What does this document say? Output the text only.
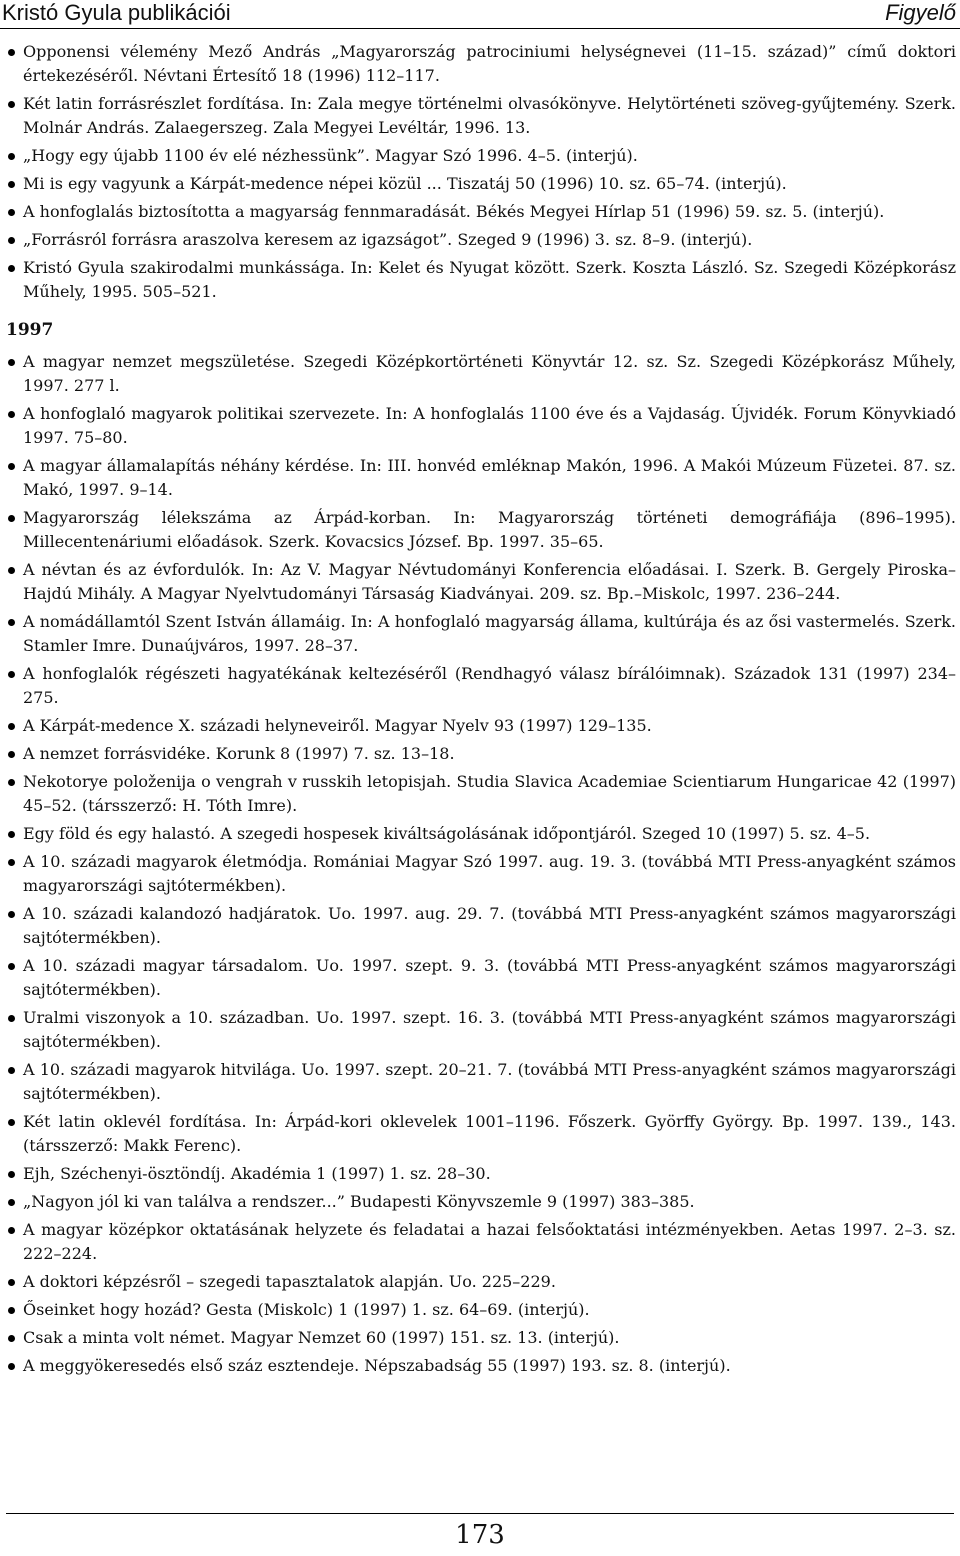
Kristó Gyula publikációi	Figyelő
Opponensi vélemény Mező András „Magyarország patrociniumi helységnevei (11–15. század)” című doktori értekezéséről. Névtani Értesítő 18 (1996) 112–117.
Két latin forrásrészlet fordítása. In: Zala megye történelmi olvasókönyve. Helytörténeti szöveg-gyűjtemény. Szerk. Molnár András. Zalaegerszeg. Zala Megyei Levéltár, 1996. 13.
„Hogy egy újabb 1100 év elé nézhessünk”. Magyar Szó 1996. 4–5. (interjú).
Mi is egy vagyunk a Kárpát-medence népei közül ... Tiszatáj 50 (1996) 10. sz. 65–74. (interjú).
A honfoglalás biztosította a magyarság fennmaradását. Békés Megyei Hírlap 51 (1996) 59. sz. 5. (interjú).
„Forrásról forrásra araszolva keresem az igazságot”. Szeged 9 (1996) 3. sz. 8–9. (interjú).
Kristó Gyula szakirodalmi munkássága. In: Kelet és Nyugat között. Szerk. Koszta László. Sz. Szegedi Középkorász Műhely, 1995. 505–521.
1997
A magyar nemzet megszületése. Szegedi Középkortörténeti Könyvtár 12. sz. Sz. Szegedi Középkorász Műhely, 1997. 277 l.
A honfoglaló magyarok politikai szervezete. In: A honfoglalás 1100 éve és a Vajdaság. Újvidék. Forum Könyvkiadó 1997. 75–80.
A magyar államalapítás néhány kérdése. In: III. honvéd emléknap Makón, 1996. A Makói Múzeum Füzetei. 87. sz. Makó, 1997. 9–14.
Magyarország lélekszáma az Árpád-korban. In: Magyarország történeti demográfiája (896–1995). Millecentenáriumi előadások. Szerk. Kovacsics József. Bp. 1997. 35–65.
A névtan és az évfordulók. In: Az V. Magyar Névtudományi Konferencia előadásai. I. Szerk. B. Gergely Piroska–Hajdú Mihály. A Magyar Nyelvtudományi Társaság Kiadványai. 209. sz. Bp.–Miskolc, 1997. 236–244.
A nomádállamtól Szent István államáig. In: A honfoglaló magyarság állama, kultúrája és az ősi vastermelés. Szerk. Stamler Imre. Dunaújváros, 1997. 28–37.
A honfoglalók régészeti hagyatékának keltezéséről (Rendhagyó válasz bírálóimnak). Századok 131 (1997) 234–275.
A Kárpát-medence X. századi helyneveiről. Magyar Nyelv 93 (1997) 129–135.
A nemzet forrásvidéke. Korunk 8 (1997) 7. sz. 13–18.
Nekotorye položenija o vengrah v russkih letopisjah. Studia Slavica Academiae Scientiarum Hungaricae 42 (1997) 45–52. (társszerző: H. Tóth Imre).
Egy föld és egy halastó. A szegedi hospesek kiváltságolásának időpontjáról. Szeged 10 (1997) 5. sz. 4–5.
A 10. századi magyarok életmódja. Romániai Magyar Szó 1997. aug. 19. 3. (továbbá MTI Press-anyagként számos magyarországi sajtótermékben).
A 10. századi kalandozó hadjáratok. Uo. 1997. aug. 29. 7. (továbbá MTI Press-anyagként számos magyarországi sajtótermékben).
A 10. századi magyar társadalom. Uo. 1997. szept. 9. 3. (továbbá MTI Press-anyagként számos magyarországi sajtótermékben).
Uralmi viszonyok a 10. században. Uo. 1997. szept. 16. 3. (továbbá MTI Press-anyagként számos magyarországi sajtótermékben).
A 10. századi magyarok hitvilága. Uo. 1997. szept. 20–21. 7. (továbbá MTI Press-anyagként számos magyarországi sajtótermékben).
Két latin oklevél fordítása. In: Árpád-kori oklevelek 1001–1196. Főszerk. Györffy György. Bp. 1997. 139., 143. (társszerző: Makk Ferenc).
Ejh, Széchenyi-ösztöndíj. Akadémia 1 (1997) 1. sz. 28–30.
„Nagyon jól ki van találva a rendszer...” Budapesti Könyvszemle 9 (1997) 383–385.
A magyar középkor oktatásának helyzete és feladatai a hazai felsőoktatási intézményekben. Aetas 1997. 2–3. sz. 222–224.
A doktori képzésről – szegedi tapasztalatok alapján. Uo. 225–229.
Őseinket hogy hozád? Gesta (Miskolc) 1 (1997) 1. sz. 64–69. (interjú).
Csak a minta volt német. Magyar Nemzet 60 (1997) 151. sz. 13. (interjú).
A meggyökeresedés első száz esztendeje. Népszabadság 55 (1997) 193. sz. 8. (interjú).
173
